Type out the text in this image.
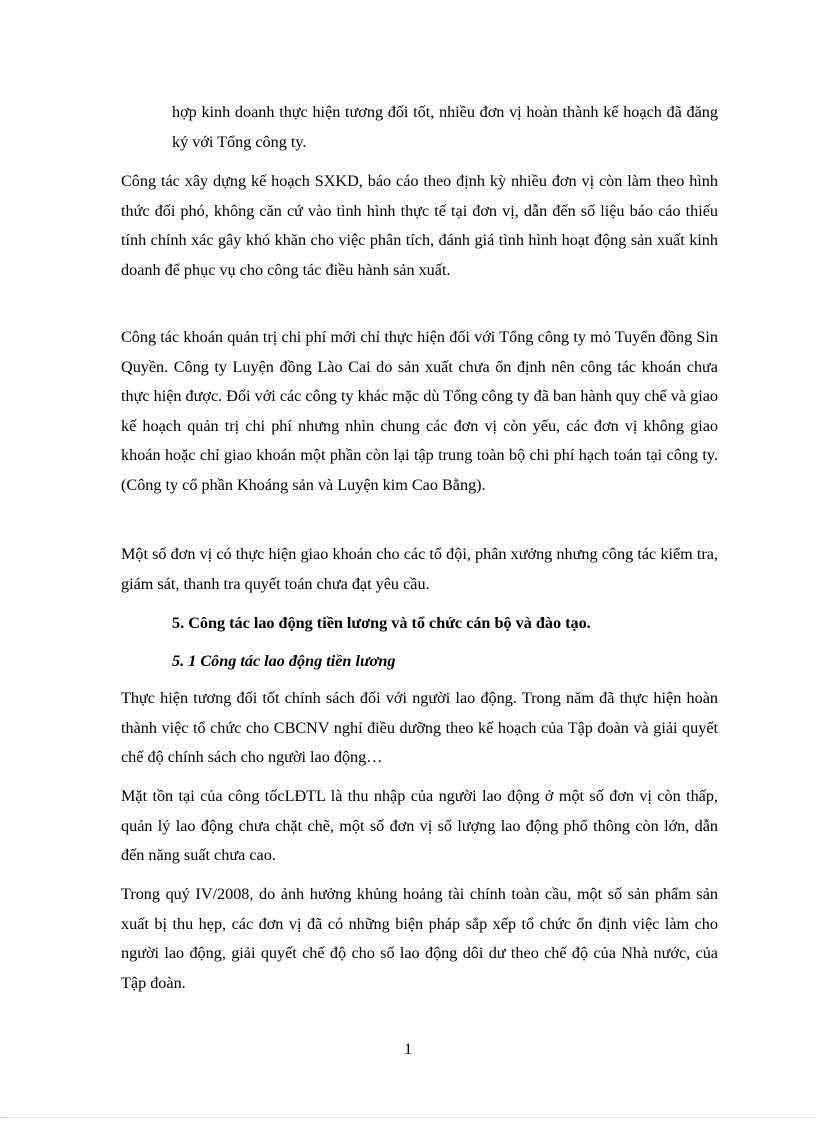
hợp kinh doanh thực hiện tương đối tốt, nhiều đơn vị hoàn thành kế hoạch đã đăng ký với Tổng công ty.

Công tác xây dựng kế hoạch SXKD, báo cáo theo định kỳ nhiều đơn vị còn làm theo hình thức đối phó, không căn cứ vào tình hình thực tế tại đơn vị, dẫn đến số liệu báo cáo thiếu tính chính xác gây khó khăn cho việc phân tích, đánh giá tình hình hoạt động sản xuất kinh doanh để phục vụ cho công tác điều hành sản xuất.

Công tác khoán quản trị chi phí mới chỉ thực hiện đối với Tổng công ty mỏ Tuyển đồng Sin Quyền. Công ty Luyện đồng Lào Cai do sản xuất chưa ổn định nên công tác khoán chưa thực hiện được. Đối với các công ty khác mặc dù Tổng công ty đã ban hành quy chế và giao kế hoạch quản trị chi phí nhưng nhìn chung các đơn vị còn yếu, các đơn vị không giao khoán hoặc chỉ giao khoán một phần còn lại tập trung toàn bộ chi phí hạch toán tại công ty. (Công ty cổ phần Khoáng sản và Luyện kim Cao Bằng).

Một số đơn vị có thực hiện giao khoán cho các tổ đội, phân xưởng nhưng công tác kiểm tra, giám sát, thanh tra quyết toán chưa đạt yêu cầu.

5. Công tác lao động tiền lương và tổ chức cán bộ và đào tạo.

5. 1 Công tác lao động tiền lương

Thực hiện tương đối tốt chính sách đối với người lao động. Trong năm đã thực hiện hoàn thành việc tổ chức cho CBCNV nghỉ điều dưỡng theo kế hoạch của Tập đoàn và giải quyết chế độ chính sách cho người lao động…

Mặt tồn tại của công tốcLĐTL là thu nhập của người lao động ở một số đơn vị còn thấp, quản lý lao động chưa chặt chẽ, một số đơn vị số lượng lao động phổ thông còn lớn, dẫn đến năng suất chưa cao.

Trong quý IV/2008, do ảnh hưởng khủng hoảng tài chính toàn cầu, một số sản phẩm sản xuất bị thu hẹp, các đơn vị đã có những biện pháp sắp xếp tổ chức ổn định việc làm cho người lao động, giải quyết chế độ cho số lao động dôi dư theo chế độ của Nhà nước, của Tập đoàn.

1
